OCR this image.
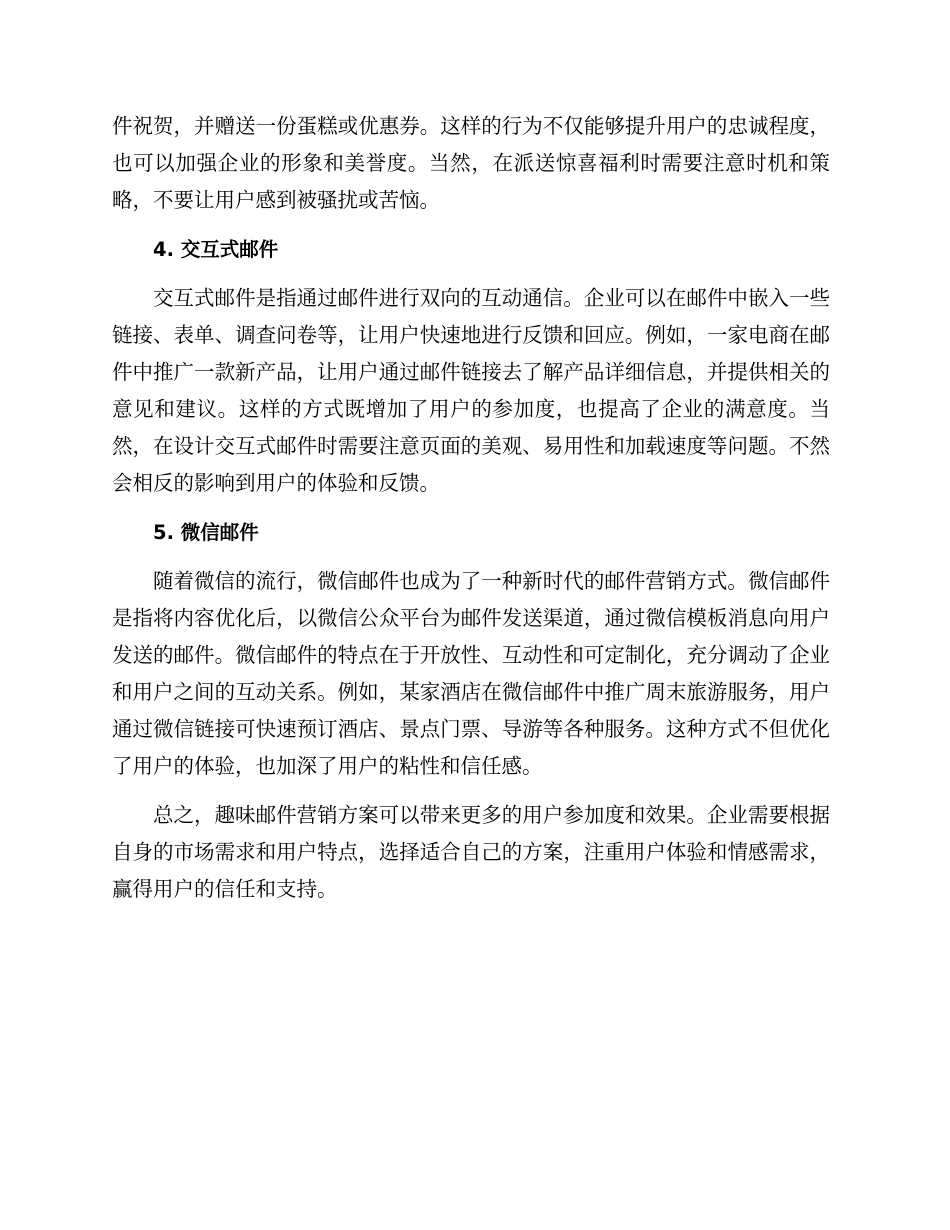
件祝贺，并赠送一份蛋糕或优惠券。这样的行为不仅能够提升用户的忠诚程度，也可以加强企业的形象和美誉度。当然，在派送惊喜福利时需要注意时机和策略，不要让用户感到被骚扰或苦恼。

4. 交互式邮件

交互式邮件是指通过邮件进行双向的互动通信。企业可以在邮件中嵌入一些链接、表单、调查问卷等，让用户快速地进行反馈和回应。例如，一家电商在邮件中推广一款新产品，让用户通过邮件链接去了解产品详细信息，并提供相关的意见和建议。这样的方式既增加了用户的参加度，也提高了企业的满意度。当然，在设计交互式邮件时需要注意页面的美观、易用性和加载速度等问题。不然会相反的影响到用户的体验和反馈。

5. 微信邮件

随着微信的流行，微信邮件也成为了一种新时代的邮件营销方式。微信邮件是指将内容优化后，以微信公众平台为邮件发送渠道，通过微信模板消息向用户发送的邮件。微信邮件的特点在于开放性、互动性和可定制化，充分调动了企业和用户之间的互动关系。例如，某家酒店在微信邮件中推广周末旅游服务，用户通过微信链接可快速预订酒店、景点门票、导游等各种服务。这种方式不但优化了用户的体验，也加深了用户的粘性和信任感。

总之，趣味邮件营销方案可以带来更多的用户参加度和效果。企业需要根据自身的市场需求和用户特点，选择适合自己的方案，注重用户体验和情感需求，赢得用户的信任和支持。
